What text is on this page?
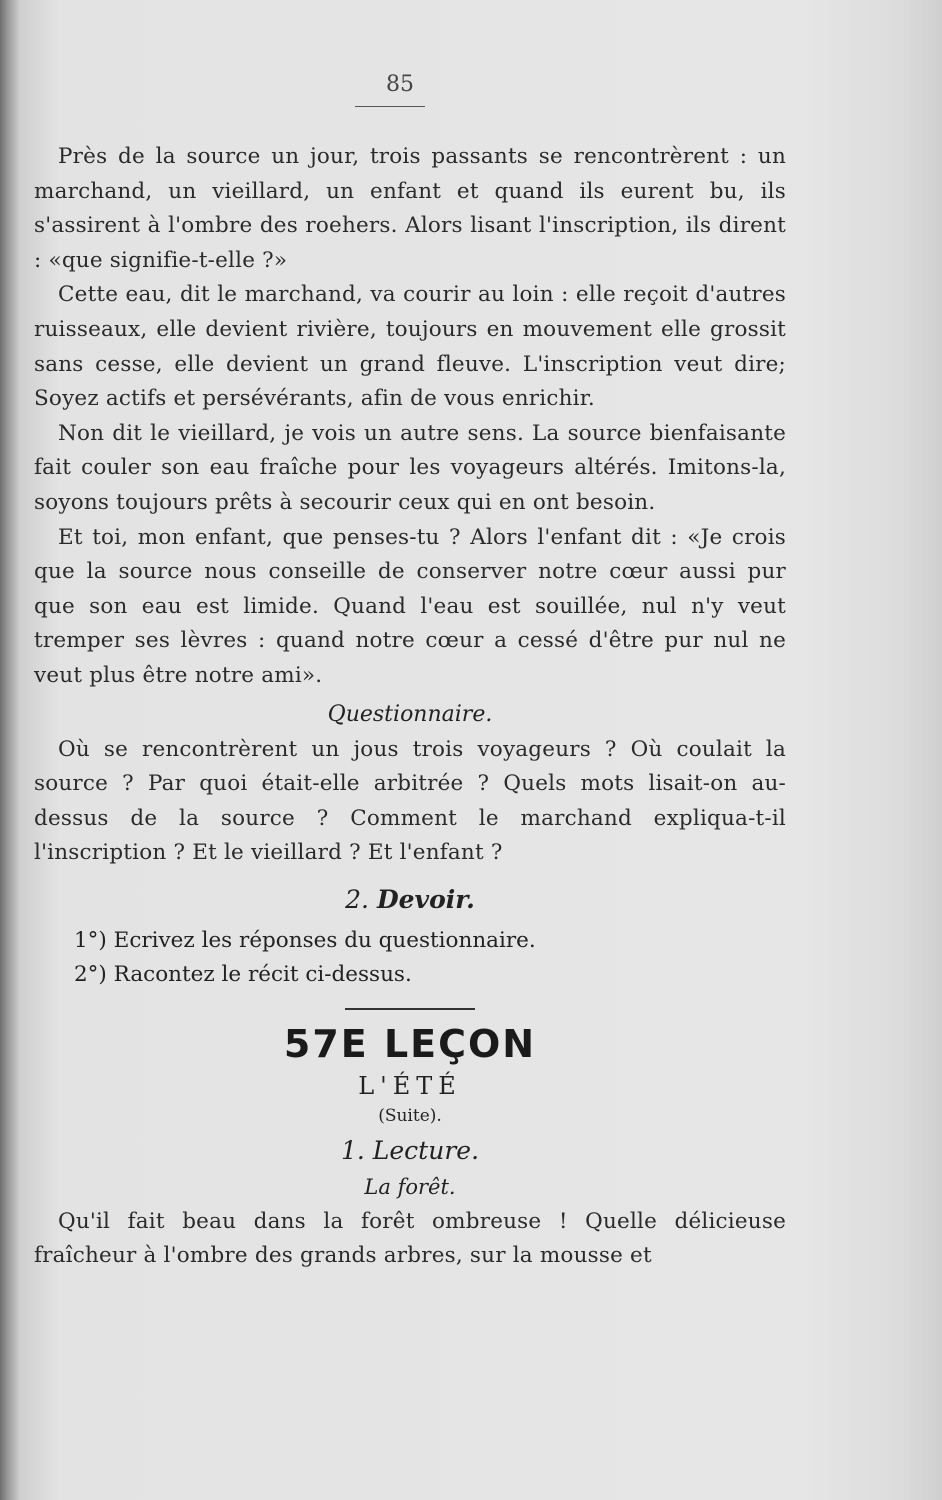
85

Près de la source un jour, trois passants se rencontrèrent : un marchand, un vieillard, un enfant et quand ils eurent bu, ils s'assirent à l'ombre des roehers. Alors lisant l'inscription, ils dirent : «que signifie-t-elle ?»

Cette eau, dit le marchand, va courir au loin : elle reçoit d'autres ruisseaux, elle devient rivière, toujours en mouvement elle grossit sans cesse, elle devient un grand fleuve. L'inscription veut dire; Soyez actifs et persévérants, afin de vous enrichir.

Non dit le vieillard, je vois un autre sens. La source bienfaisante fait couler son eau fraîche pour les voyageurs altérés. Imitons-la, soyons toujours prêts à secourir ceux qui en ont besoin.

Et toi, mon enfant, que penses-tu ? Alors l'enfant dit : «Je crois que la source nous conseille de conserver notre cœur aussi pur que son eau est limide. Quand l'eau est souillée, nul n'y veut tremper ses lèvres : quand notre cœur a cessé d'être pur nul ne veut plus être notre ami».

Questionnaire.

Où se rencontrèrent un jous trois voyageurs ? Où coulait la source ? Par quoi était-elle arbitrée ? Quels mots lisait-on au-dessus de la source ? Comment le marchand expliqua-t-il l'inscription ? Et le vieillard ? Et l'enfant ?

2. Devoir.

1°) Ecrivez les réponses du questionnaire.

2°) Racontez le récit ci-dessus.

57E LEÇON
L'ÉTÉ
(Suite).
1. Lecture.
La forêt.

Qu'il fait beau dans la forêt ombreuse ! Quelle délicieuse fraîcheur à l'ombre des grands arbres, sur la mousse et
